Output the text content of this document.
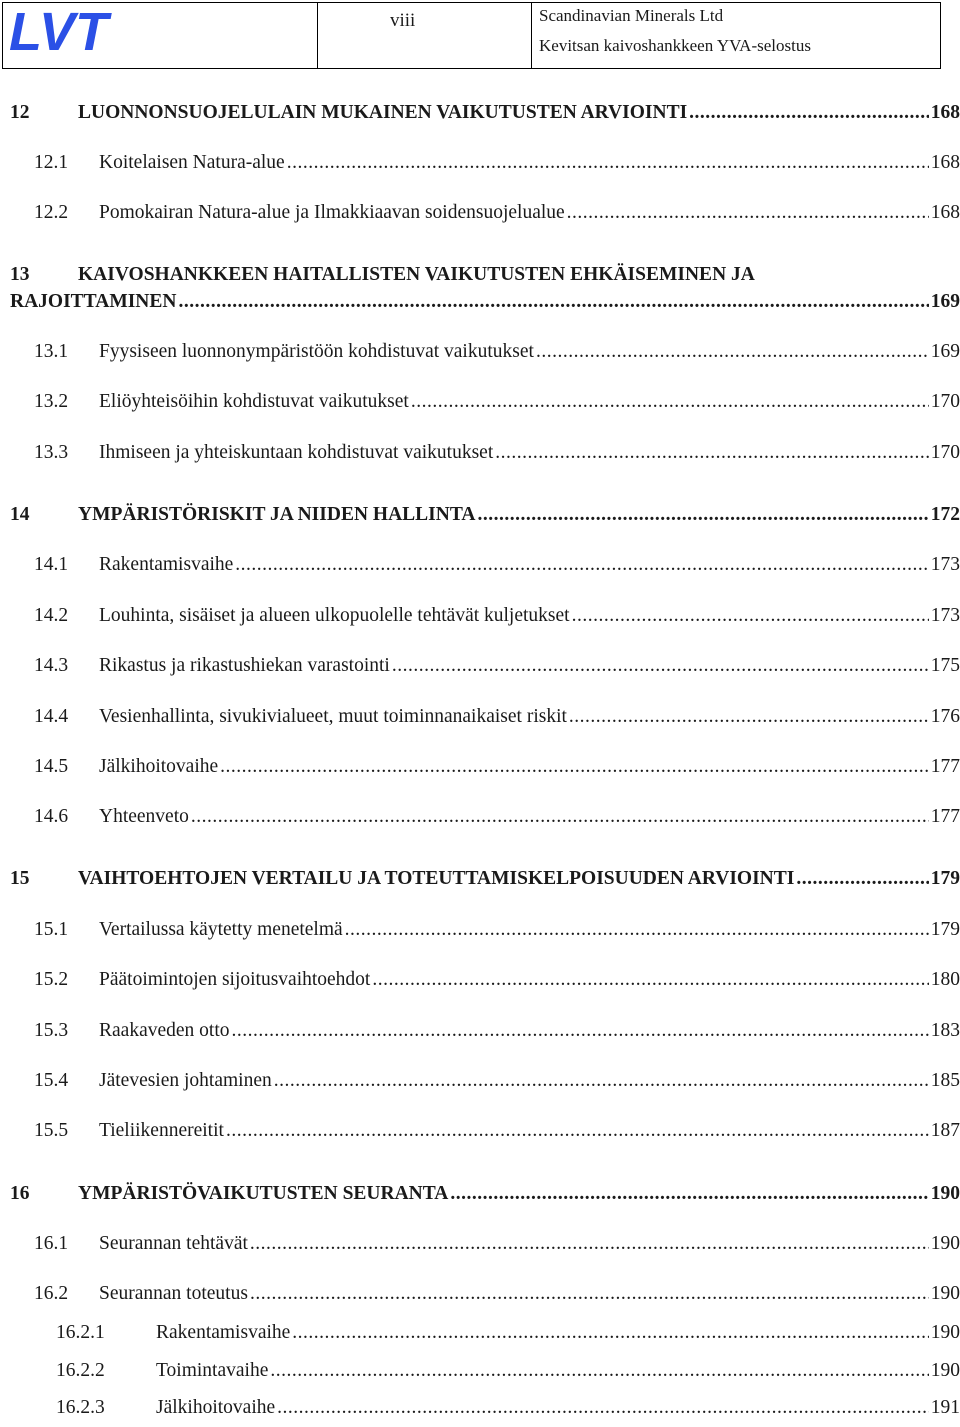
LVT	viii	Scandinavian Minerals Ltd
Kevitsan kaivoshankkeen YVA-selostus
12 LUONNONSUOJELULAIN MUKAINEN VAIKUTUSTEN ARVIOINTI .....	168
12.1 Koitelaisen Natura-alue .....	168
12.2 Pomokairan Natura-alue ja Ilmakkiaavan soidensuojelualue .....	168
13 KAIVOSHANKKEEN HAITALLISTEN VAIKUTUSTEN EHKÄISEMINEN JA
RAJOITTAMINEN .....	169
13.1 Fyysiseen luonnonympäristöön kohdistuvat vaikutukset .....	169
13.2 Eliöyhteisöihin kohdistuvat vaikutukset .....	170
13.3 Ihmiseen ja yhteiskuntaan kohdistuvat vaikutukset .....	170
14 YMPÄRISTÖRISKIT JA NIIDEN HALLINTA .....	172
14.1 Rakentamisvaihe .....	173
14.2 Louhinta, sisäiset ja alueen ulkopuolelle tehtävät kuljetukset .....	173
14.3 Rikastus ja rikastushiekan varastointi .....	175
14.4 Vesienhallinta, sivukivialueet, muut toiminnanaikaiset riskit .....	176
14.5 Jälkihoitovaihe .....	177
14.6 Yhteenveto .....	177
15 VAIHTOEHTOJEN VERTAILU JA TOTEUTTAMISKELPOISUUDEN ARVIOINTI .....	179
15.1 Vertailussa käytetty menetelmä .....	179
15.2 Päätoimintojen sijoitusvaihtoehdot .....	180
15.3 Raakaveden otto .....	183
15.4 Jätevesien johtaminen .....	185
15.5 Tieliikennereitit .....	187
16 YMPÄRISTÖVAIKUTUSTEN SEURANTA .....	190
16.1 Seurannan tehtävät .....	190
16.2 Seurannan toteutus .....	190
16.2.1	Rakentamisvaihe .....	190
16.2.2	Toimintavaihe .....	190
16.2.3	Jälkihoitovaihe .....	191
